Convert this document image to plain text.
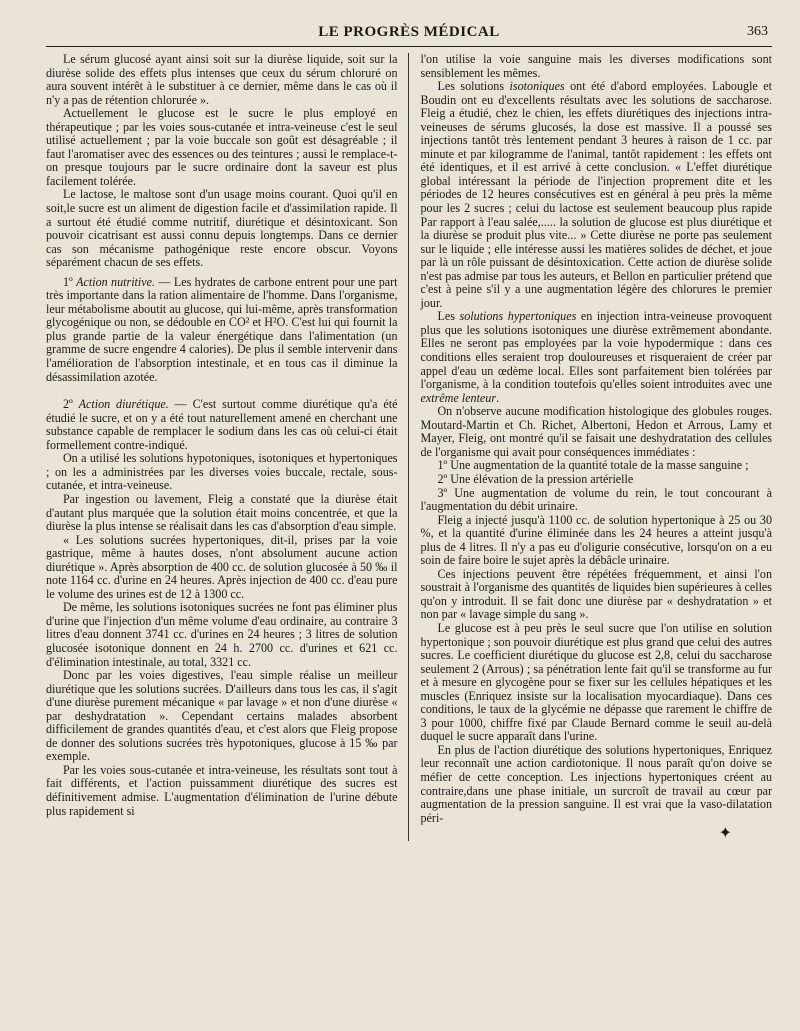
LE PROGRÈS MÉDICAL	363

Le sérum glucosé ayant ainsi soit sur la diurèse liquide, soit sur la diurèse solide des effets plus intenses que ceux du sérum chloruré on aura souvent intérêt à le substituer à ce dernier, même dans le cas où il n'y a pas de rétention chlorurée ».

Actuellement le glucose est le sucre le plus employé en thérapeutique ; par les voies sous-cutanée et intra-veineuse c'est le seul utilisé actuellement ; par la voie buccale son goût est désagréable ; il faut l'aromatiser avec des essences ou des teintures ; aussi le remplace-t-on presque toujours par le sucre ordinaire dont la saveur est plus facilement tolérée.

Le lactose, le maltose sont d'un usage moins courant. Quoi qu'il en soit,le sucre est un aliment de digestion facile et d'assimilation rapide. Il a surtout été étudié comme nutritif, diurétique et désintoxicant. Son pouvoir cicatrisant est aussi connu depuis longtemps. Dans ce dernier cas son mécanisme pathogénique reste encore obscur. Voyons séparément chacun de ses effets.

1º Action nutritive. — Les hydrates de carbone entrent pour une part très importante dans la ration alimentaire de l'homme. Dans l'organisme, leur métabolisme aboutit au glucose, qui lui-même, après transformation glycogénique ou non, se dédouble en CO² et H²O. C'est lui qui fournit la plus grande partie de la valeur énergétique dans l'alimentation (un gramme de sucre engendre 4 calories). De plus il semble intervenir dans l'amélioration de l'absorption intestinale, et en tous cas il diminue la désassimilation azotée.

2º Action diurétique. — C'est surtout comme diurétique qu'a été étudié le sucre, et on y a été tout naturellement amené en cherchant une substance capable de remplacer le sodium dans les cas où celui-ci était formellement contre-indiqué.

On a utilisé les solutions hypotoniques, isotoniques et hypertoniques ; on les a administrées par les diverses voies buccale, rectale, sous-cutanée, et intra-veineuse.

Par ingestion ou lavement, Fleig a constaté que la diurèse était d'autant plus marquée que la solution était moins concentrée, et que la diurèse la plus intense se réalisait dans les cas d'absorption d'eau simple.

« Les solutions sucrées hypertoniques, dit-il, prises par la voie gastrique, même à hautes doses, n'ont absolument aucune action diurétique ». Après absorption de 400 cc. de solution glucosée à 50 ‰ il note 1164 cc. d'urine en 24 heures. Après injection de 400 cc. d'eau pure le volume des urines est de 12 à 1300 cc.

De même, les solutions isotoniques sucrées ne font pas éliminer plus d'urine que l'injection d'un même volume d'eau ordinaire, au contraire 3 litres d'eau donnent 3741 cc. d'urines en 24 heures ; 3 litres de solution glucosée isotonique donnent en 24 h. 2700 cc. d'urines et 621 cc. d'élimination intestinale, au total, 3321 cc.

Donc par les voies digestives, l'eau simple réalise un meilleur diurétique que les solutions sucrées. D'ailleurs dans tous les cas, il s'agit d'une diurèse purement mécanique « par lavage » et non d'une diurèse « par deshydratation ». Cependant certains malades absorbent difficilement de grandes quantités d'eau, et c'est alors que Fleig propose de donner des solutions sucrées très hypotoniques, glucose à 15 ‰ par exemple.

Par les voies sous-cutanée et intra-veineuse, les résultats sont tout à fait différents, et l'action puissamment diurétique des sucres est définitivement admise. L'augmentation d'élimination de l'urine débute plus rapidement si

l'on utilise la voie sanguine mais les diverses modifications sont sensiblement les mêmes.

Les solutions isotoniques ont été d'abord employées. Labougle et Boudin ont eu d'excellents résultats avec les solutions de saccharose. Fleig a étudié, chez le chien, les effets diurétiques des injections intra-veineuses de sérums glucosés, la dose est massive. Il a poussé ses injections tantôt très lentement pendant 3 heures à raison de 1 cc. par minute et par kilogramme de l'animal, tantôt rapidement : les effets ont été identiques, et il est arrivé à cette conclusion. « L'effet diurétique global intéressant la période de l'injection proprement dite et les périodes de 12 heures consécutives est en général à peu près la même pour les 2 sucres ; celui du lactose est seulement beaucoup plus rapide Par rapport à l'eau salée,..... la solution de glucose est plus diurétique et la diurèse se produit plus vite... » Cette diurèse ne porte pas seulement sur le liquide ; elle intéresse aussi les matières solides de déchet, et joue par là un rôle puissant de désintoxication. Cette action de diurèse solide n'est pas admise par tous les auteurs, et Bellon en particulier prétend que c'est à peine s'il y a une augmentation légère des chlorures le premier jour.

Les solutions hypertoniques en injection intra-veineuse provoquent plus que les solutions isotoniques une diurèse extrêmement abondante. Elles ne seront pas employées par la voie hypodermique : dans ces conditions elles seraient trop douloureuses et risqueraient de créer par appel d'eau un œdème local. Elles sont parfaitement bien tolérées par l'organisme, à la condition toutefois qu'elles soient introduites avec une extrême lenteur.

On n'observe aucune modification histologique des globules rouges. Moutard-Martin et Ch. Richet, Albertoni, Hedon et Arrous, Lamy et Mayer, Fleig, ont montré qu'il se faisait une deshydratation des cellules de l'organisme qui avait pour conséquences immédiates :

1º Une augmentation de la quantité totale de la masse sanguine ;

2º Une élévation de la pression artérielle

3º Une augmentation de volume du rein, le tout concourant à l'augmentation du débit urinaire.

Fleig a injecté jusqu'à 1100 cc. de solution hypertonique à 25 ou 30 %, et la quantité d'urine éliminée dans les 24 heures a atteint jusqu'à plus de 4 litres. Il n'y a pas eu d'oligurie consécutive, lorsqu'on on a eu soin de faire boire le sujet après la débâcle urinaire.

Ces injections peuvent être répétées fréquemment, et ainsi l'on soustrait à l'organisme des quantités de liquides bien supérieures à celles qu'on y introduit. Il se fait donc une diurèse par « deshydratation » et non par « lavage simple du sang ».

Le glucose est à peu près le seul sucre que l'on utilise en solution hypertonique ; son pouvoir diurétique est plus grand que celui des autres sucres. Le coefficient diurétique du glucose est 2,8, celui du saccharose seulement 2 (Arrous) ; sa pénétration lente fait qu'il se transforme au fur et à mesure en glycogène pour se fixer sur les cellules hépatiques et les muscles (Enriquez insiste sur la localisation myocardiaque). Dans ces conditions, le taux de la glycémie ne dépasse que rarement le chiffre de 3 pour 1000, chiffre fixé par Claude Bernard comme le seuil au-delà duquel le sucre apparaît dans l'urine.

En plus de l'action diurétique des solutions hypertoniques, Enriquez leur reconnaît une action cardiotonique. Il nous paraît qu'on doive se méfier de cette conception. Les injections hypertoniques créent au contraire,dans une phase initiale, un surcroît de travail au cœur par augmentation de la pression sanguine. Il est vrai que la vaso-dilatation péri-

✦
